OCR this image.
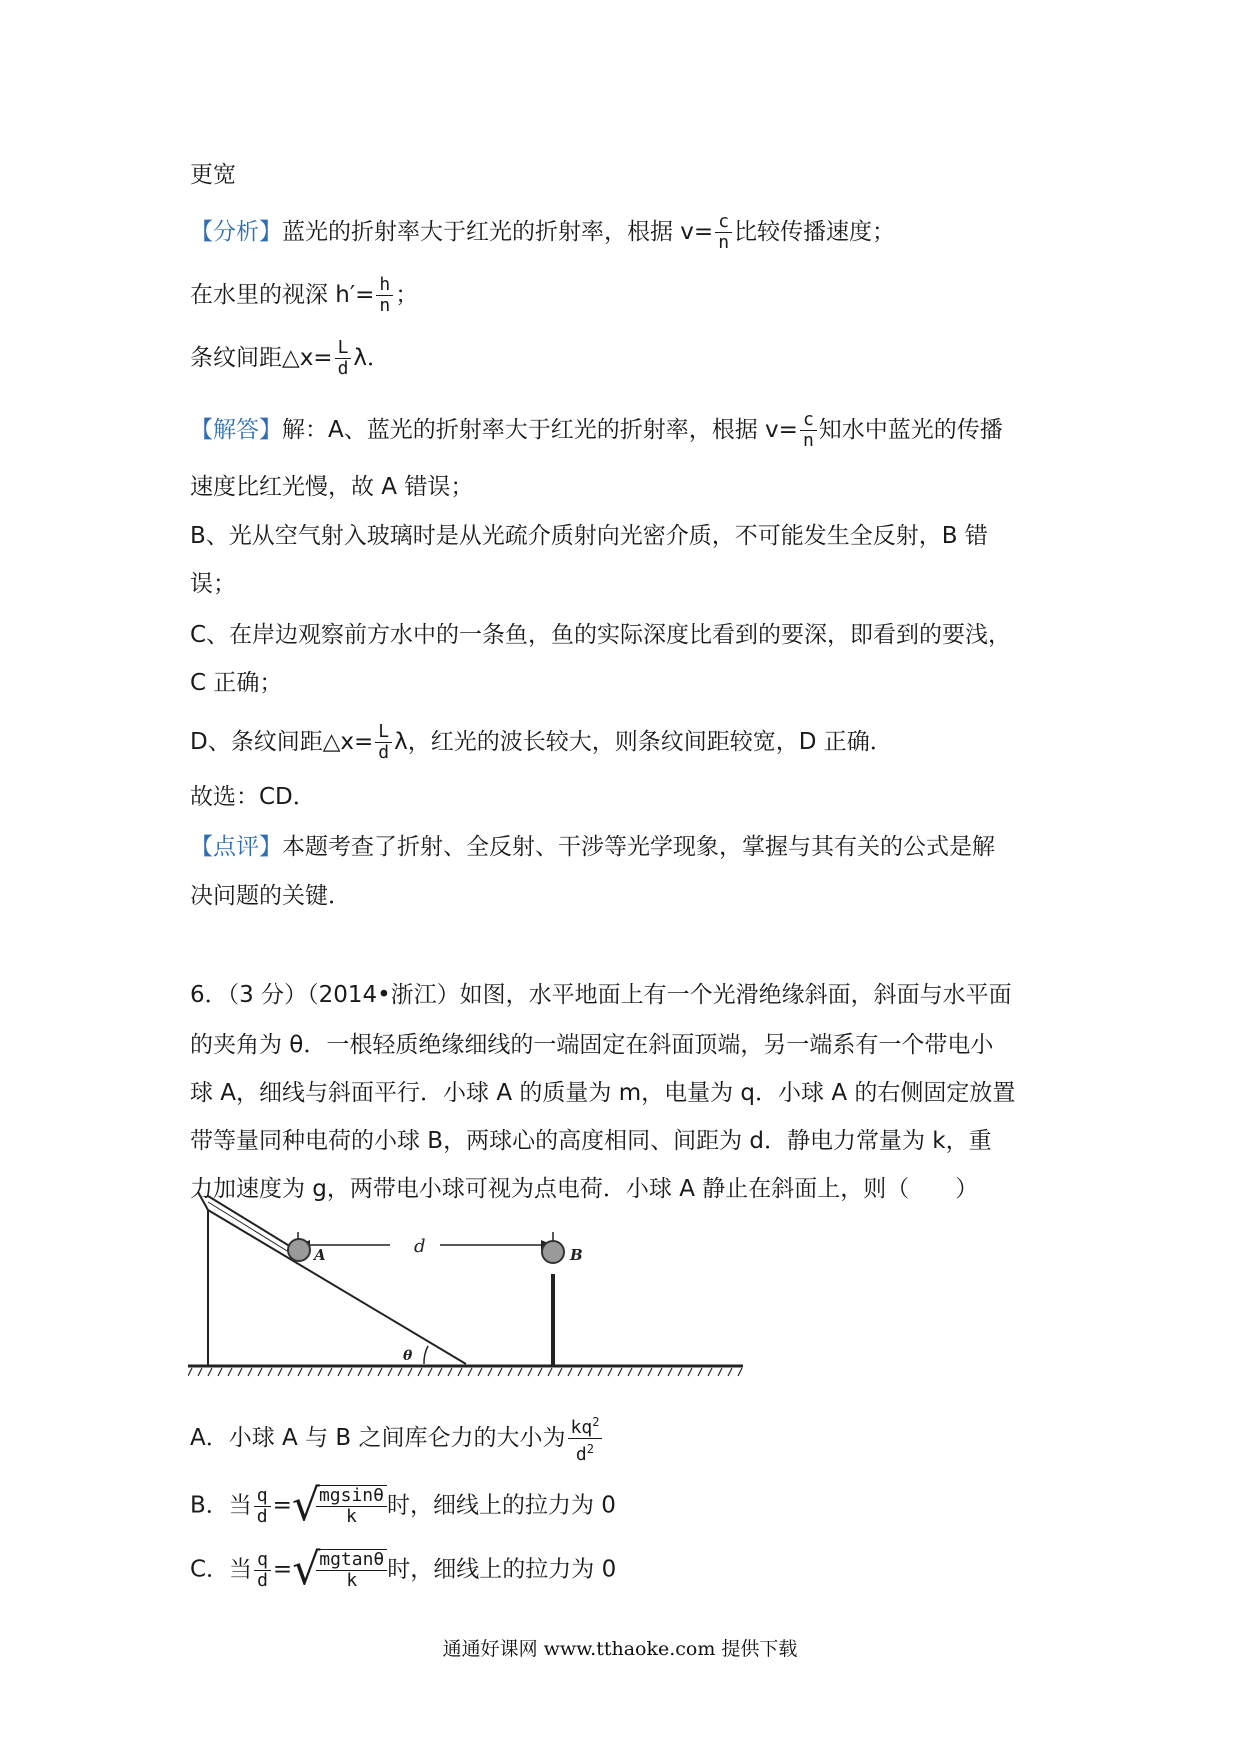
更宽
【分析】蓝光的折射率大于红光的折射率，根据 $v= \frac{c}{n}$ 比较传播速度；
在水里的视深 $h'= \frac{h}{n}$ ；
条纹间距△x= $\frac{L}{d}$ λ．
【解答】解：A、蓝光的折射率大于红光的折射率，根据 $v= \frac{c}{n}$ 知水中蓝光的传播
速度比红光慢，故 A 错误；
B、光从空气射入玻璃时是从光疏介质射向光密介质，不可能发生全反射，B 错
误；
C、在岸边观察前方水中的一条鱼，鱼的实际深度比看到的要深，即看到的要浅，
C 正确；
D、条纹间距△x= $\frac{L}{d}$ λ，红光的波长较大，则条纹间距较宽，D 正确．
故选：CD．
【点评】本题考查了折射、全反射、干涉等光学现象，掌握与其有关的公式是解
决问题的关键．
6．（3 分）（2014•浙江）如图，水平地面上有一个光滑绝缘斜面，斜面与水平面
的夹角为 θ．一根轻质绝缘细线的一端固定在斜面顶端，另一端系有一个带电小
球 A，细线与斜面平行．小球 A 的质量为 m，电量为 q．小球 A 的右侧固定放置
带等量同种电荷的小球 B，两球心的高度相同、间距为 d．静电力常量为 k，重
力加速度为 g，两带电小球可视为点电荷．小球 A 静止在斜面上，则（　　）
d
A	B
θ
A．小球 A 与 B 之间库仑力的大小为 $\frac{kq^2}{d^2}$
B．当 $\frac{q}{d}$ =√
$\frac{mgsin\theta}{k}$ 时，细线上的拉力为 0
C．当 $\frac{q}{d}$ =√
$\frac{mgtan\theta}{k}$ 时，细线上的拉力为 0
通通好课网 www.tthaoke.com 提供下载
